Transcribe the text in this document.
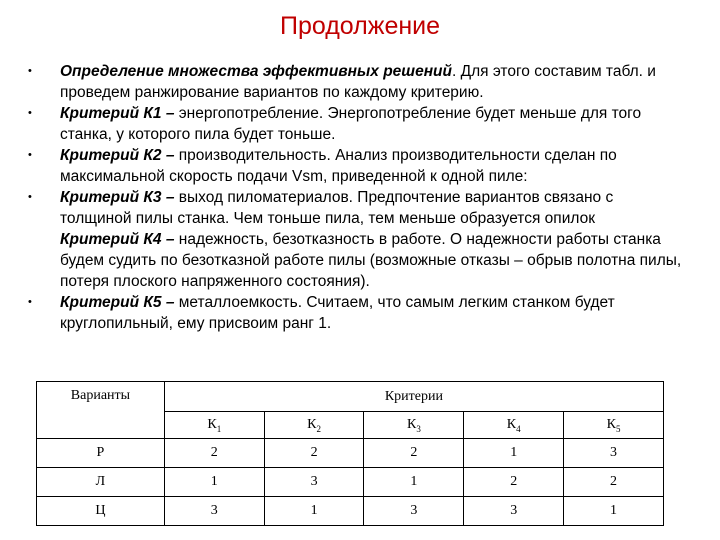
Продолжение
• Определение множества эффективных решений. Для этого составим табл. и проведем ранжирование вариантов по каждому критерию.
• Критерий К1 – энергопотребление. Энергопотребление будет меньше для того станка, у которого пила будет тоньше.
• Критерий К2 – производительность. Анализ производительности сделан по максимальной скорость подачи Vsm, приведенной к одной пиле:
• Критерий К3 – выход пиломатериалов. Предпочтение вариантов связано с толщиной пилы станка. Чем тоньше пила, тем меньше образуется опилок
Критерий К4 – надежность, безотказность в работе. О надежности работы станка будем судить по безотказной работе пилы (возможные отказы – обрыв полотна пилы, потеря плоского напряженного состояния).
• Критерий К5 – металлоемкость. Считаем, что самым легким станком будет круглопильный, ему присвоим ранг 1.
Варианты	Критерии				
	$К_1$	$К_2$	$К_3$	$К_4$	$К_5$
Р	2	2	2	1	3
Л	1	3	1	2	2
Ц	3	1	3	3	1
